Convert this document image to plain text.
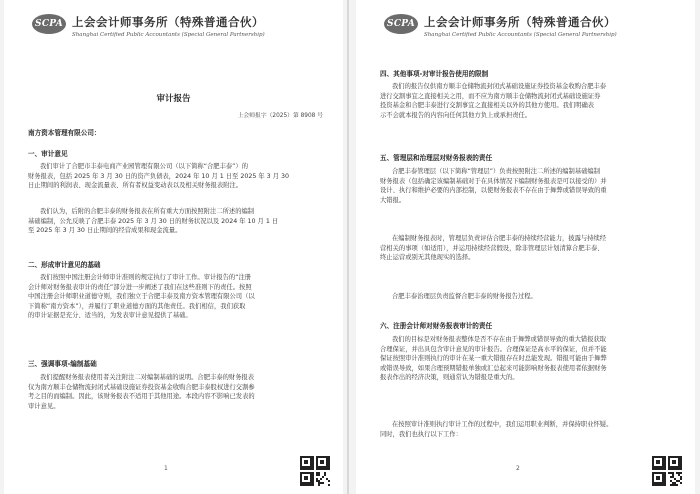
SCPA 上会会计师事务所（特殊普通合伙）
Shanghai Certified Public Accountants (Special General Partnership)
审计报告
上会师报字（2025）第 8908 号
南方资本管理有限公司：
一、审计意见
我们审计了合肥市丰泰电商产业园管理有限公司（以下简称“合肥丰泰”）的
财务报表，包括 2025 年 3 月 30 日的资产负债表，2024 年 10 月 1 日至 2025 年 3 月 30
日止期间的利润表、现金流量表、所有者权益变动表以及相关财务报表附注。
我们认为，后附的合肥丰泰的财务报表在所有重大方面按照附注二所述的编制
基础编制，公允反映了合肥丰泰 2025 年 3 月 30 日的财务状况以及 2024 年 10 月 1 日
至 2025 年 3 月 30 日止期间的经营成果和现金流量。
二、形成审计意见的基础
我们按照中国注册会计师审计准则的规定执行了审计工作。审计报告的“注册
会计师对财务报表审计的责任”部分进一步阐述了我们在这些准则下的责任。按照
中国注册会计师职业道德守则，我们独立于合肥丰泰及南方资本管理有限公司（以
下简称“南方资本”），并履行了职业道德方面的其他责任。我们相信，我们获取
的审计证据是充分、适当的，为发表审计意见提供了基础。
三、强调事项-编制基础
我们提醒财务报表使用者关注附注二对编制基础的说明。合肥丰泰的财务报表
仅为南方顺丰仓储物流封闭式基础设施证券投资基金收购合肥丰泰股权进行交割参
考之目的而编制。因此，该财务报表不适用于其他用途。本段内容不影响已发表的
审计意见。
1
SCPA 上会会计师事务所（特殊普通合伙）
Shanghai Certified Public Accountants (Special General Partnership)
四、其他事项-对审计报告使用的限制
我们的报告仅供南方顺丰仓储物流封闭式基础设施证券投资基金收购合肥丰泰
进行交割事宜之直接相关之用，而不应为南方顺丰仓储物流封闭式基础设施证券
投资基金和合肥丰泰进行交割事宜之直接相关以外的其他方使用。我们明确表
示不会就本报告的内容向任何其他方负上或承担责任。
五、管理层和治理层对财务报表的责任
合肥丰泰管理层（以下简称“管理层”）负责按照附注二所述的编制基础编制
财务报表（包括确定该编制基础对于在具体情况下编制财务报表是可以接受的）并
设计、执行和维护必要的内部控制，以使财务报表不存在由于舞弊或错误导致的重
大错报。
在编制财务报表时，管理层负责评估合肥丰泰的持续经营能力，披露与持续经
营相关的事项（如适用），并运用持续经营假设，除非管理层计划清算合肥丰泰、
终止运营或别无其他现实的选择。
合肥丰泰治理层负责监督合肥丰泰的财务报告过程。
六、注册会计师对财务报表审计的责任
我们的目标是对财务报表整体是否不存在由于舞弊或错误导致的重大错报获取
合理保证，并出具包含审计意见的审计报告。合理保证是高水平的保证，但并不能
保证按照审计准则执行的审计在某一重大错报存在时总能发现。错报可能由于舞弊
或错误导致，如果合理预期错报单独或汇总起来可能影响财务报表使用者依据财务
报表作出的经济决策，则通常认为错报是重大的。
在按照审计准则执行审计工作的过程中，我们运用职业判断，并保持职业怀疑。
同时，我们也执行以下工作：
2
